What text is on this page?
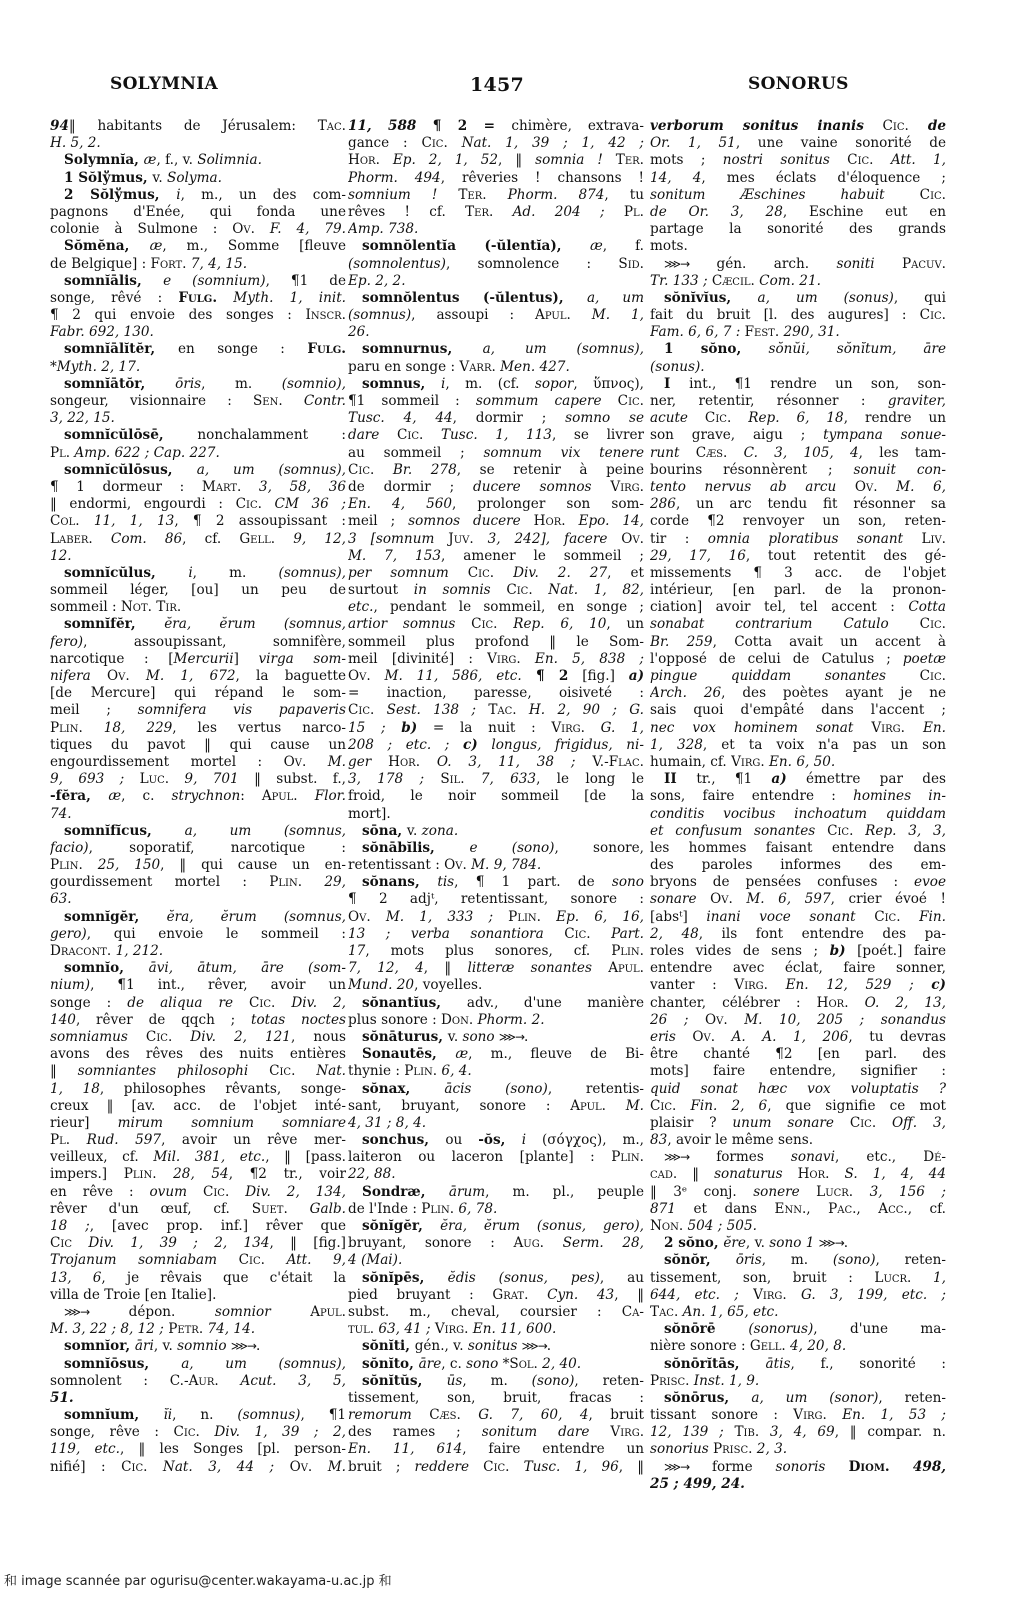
SOLYMNIA	1457	SONORUS
94‖ habitants de Jérusalem: Tac.
H. 5, 2.
Solymnĭa, æ, f., v. Solimnia.
1 Sŏlўmus, v. Solyma.
2 Sŏlўmus, i, m., un des com-
pagnons d'Enée, qui fonda une
colonie à Sulmone : Ov. F. 4, 79.
Sŏmĕna, æ, m., Somme [fleuve
de Belgique] : Fort. 7, 4, 15.
somnĭālis, e (somnium), ¶1 de
songe, rêvé : Fulg. Myth. 1, init.
¶ 2 qui envoie des songes : Inscr.
Fabr. 692, 130.
somnĭālĭtĕr, en songe : Fulg.
*Myth. 2, 17.
somnĭātŏr, ōris, m. (somnio),
songeur, visionnaire : Sen. Contr.
3, 22, 15.
somnĭcŭlōsē, nonchalamment :
Pl. Amp. 622 ; Cap. 227.
somnĭcŭlōsus, a, um (somnus),
¶ 1 dormeur : Mart. 3, 58, 36
‖ endormi, engourdi : Cic. CM 36 ;
Col. 11, 1, 13, ¶ 2 assoupissant :
Laber. Com. 86, cf. Gell. 9, 12,
12.
somnĭcŭlus, i, m. (somnus),
sommeil léger, [ou] un peu de
sommeil : Not. Tir.
somnĭfĕr, ĕra, ĕrum (somnus,
fero), assoupissant, somnifère,
narcotique : [Mercurii] virga som-
nifera Ov. M. 1, 672, la baguette
[de Mercure] qui répand le som-
meil ; somnifera vis papaveris
Plin. 18, 229, les vertus narco-
tiques du pavot ‖ qui cause un
engourdissement mortel : Ov. M.
9, 693 ; Luc. 9, 701 ‖ subst. f.,
-fĕra, æ, c. strychnon: Apul. Flor.
74.
somnĭfĭcus, a, um (somnus,
facio), soporatif, narcotique :
Plin. 25, 150, ‖ qui cause un en-
gourdissement mortel : Plin. 29,
63.
somnĭgĕr, ĕra, ĕrum (somnus,
gero), qui envoie le sommeil :
Dracont. 1, 212.
somnĭo, āvi, ātum, āre (som-
nium), ¶1 int., rêver, avoir un
songe : de aliqua re Cic. Div. 2,
140, rêver de qqch ; totas noctes
somniamus Cic. Div. 2, 121, nous
avons des rêves des nuits entières
‖ somniantes philosophi Cic. Nat.
1, 18, philosophes rêvants, songe-
creux ‖ [av. acc. de l'objet inté-
rieur] mirum somnium somniare
Pl. Rud. 597, avoir un rêve mer-
veilleux, cf. Mil. 381, etc., ‖ [pass.
impers.] Plin. 28, 54, ¶2 tr., voir
en rêve : ovum Cic. Div. 2, 134,
rêver d'un œuf, cf. Suet. Galb.
18 ;, [avec prop. inf.] rêver que
Cic Div. 1, 39 ; 2, 134, ‖ [fig.]
Trojanum somniabam Cic. Att. 9,
13, 6, je rêvais que c'était la
villa de Troie [en Italie].
⋙→ dépon. somnior Apul.
M. 3, 22 ; 8, 12 ; Petr. 74, 14.
somnĭor, āri, v. somnio ⋙→.
somnĭōsus, a, um (somnus),
somnolent : C.-Aur. Acut. 3, 5,
51.
somnĭum, ĭi, n. (somnus), ¶1
songe, rêve : Cic. Div. 1, 39 ; 2,
119, etc., ‖ les Songes [pl. person-
nifié] : Cic. Nat. 3, 44 ; Ov. M.
11, 588 ¶ 2 = chimère, extrava-
gance : Cic. Nat. 1, 39 ; 1, 42 ;
Hor. Ep. 2, 1, 52, ‖ somnia ! Ter.
Phorm. 494, rêveries ! chansons !
somnium ! Ter. Phorm. 874, tu
rêves ! cf. Ter. Ad. 204 ; Pl.
Amp. 738.
somnŏlentĭa (-ŭlentĭa), æ, f.
(somnolentus), somnolence : Sid.
Ep. 2, 2.
somnŏlentus (-ŭlentus), a, um
(somnus), assoupi : Apul. M. 1,
26.
somnurnus, a, um (somnus),
paru en songe : Varr. Men. 427.
somnus, i, m. (cf. sopor, ὕπνος),
¶1 sommeil : sommum capere Cic.
Tusc. 4, 44, dormir ; somno se
dare Cic. Tusc. 1, 113, se livrer
au sommeil ; somnum vix tenere
Cic. Br. 278, se retenir à peine
de dormir ; ducere somnos Virg.
En. 4, 560, prolonger son som-
meil ; somnos ducere Hor. Epo. 14,
3 [somnum Juv. 3, 242], facere Ov.
M. 7, 153, amener le sommeil ;
per somnum Cic. Div. 2. 27, et
surtout in somnis Cic. Nat. 1, 82,
etc., pendant le sommeil, en songe ;
artior somnus Cic. Rep. 6, 10, un
sommeil plus profond ‖ le Som-
meil [divinité] : Virg. En. 5, 838 ;
Ov. M. 11, 586, etc. ¶ 2 [fig.] a)
= inaction, paresse, oisiveté :
Cic. Sest. 138 ; Tac. H. 2, 90 ; G.
15 ; b) = la nuit : Virg. G. 1,
208 ; etc. ; c) longus, frigidus, ni-
ger Hor. O. 3, 11, 38 ; V.-Flac.
3, 178 ; Sil. 7, 633, le long le
froid, le noir sommeil [de la
mort].
sōna, v. zona.
sŏnābĭlis, e (sono), sonore,
retentissant : Ov. M. 9, 784.
sŏnans, tis, ¶ 1 part. de sono
¶ 2 adjᵗ, retentissant, sonore :
Ov. M. 1, 333 ; Plin. Ep. 6, 16,
13 ; verba sonantiora Cic. Part.
17, mots plus sonores, cf. Plin.
7, 12, 4, ‖ litteræ sonantes Apul.
Mund. 20, voyelles.
sŏnantĭus, adv., d'une manière
plus sonore : Don. Phorm. 2.
sŏnāturus, v. sono ⋙→.
Sonautēs, æ, m., fleuve de Bi-
thynie : Plin. 6, 4.
sŏnax, ācis (sono), retentis-
sant, bruyant, sonore : Apul. M.
4, 31 ; 8, 4.
sonchus, ou -ŏs, i (σόγχος), m.,
laiteron ou laceron [plante] : Plin.
22, 88.
Sondræ, ārum, m. pl., peuple
de l'Inde : Plin. 6, 78.
sŏnĭgĕr, ĕra, ĕrum (sonus, gero),
bruyant, sonore : Aug. Serm. 28,
4 (Mai).
sŏnĭpēs, ĕdis (sonus, pes), au
pied bruyant : Grat. Cyn. 43, ‖
subst. m., cheval, coursier : Ca-
tul. 63, 41 ; Virg. En. 11, 600.
sŏnĭti, gén., v. sonitus ⋙→.
sŏnĭto, āre, c. sono *Sol. 2, 40.
sŏnĭtŭs, ūs, m. (sono), reten-
tissement, son, bruit, fracas :
remorum Cæs. G. 7, 60, 4, bruit
des rames ; sonitum dare Virg.
En. 11, 614, faire entendre un
bruit ; reddere Cic. Tusc. 1, 96, ‖
verborum sonitus inanis Cic. de
Or. 1, 51, une vaine sonorité de
mots ; nostri sonitus Cic. Att. 1,
14, 4, mes éclats d'éloquence ;
sonitum Æschines habuit Cic.
de Or. 3, 28, Eschine eut en
partage la sonorité des grands
mots.
⋙→ gén. arch. soniti Pacuv.
Tr. 133 ; Cæcil. Com. 21.
sŏnĭvĭus, a, um (sonus), qui
fait du bruit [l. des augures] : Cic.
Fam. 6, 6, 7 : Fest. 290, 31.
1 sŏno, sŏnŭi, sŏnĭtum, āre
(sonus).
I int., ¶1 rendre un son, son-
ner, retentir, résonner : graviter,
acute Cic. Rep. 6, 18, rendre un
son grave, aigu ; tympana sonue-
runt Cæs. C. 3, 105, 4, les tam-
bourins résonnèrent ; sonuit con-
tento nervus ab arcu Ov. M. 6,
286, un arc tendu fit résonner sa
corde ¶2 renvoyer un son, reten-
tir : omnia ploratibus sonant Liv.
29, 17, 16, tout retentit des gé-
missements ¶ 3 acc. de l'objet
intérieur, [en parl. de la pronon-
ciation] avoir tel, tel accent : Cotta
sonabat contrarium Catulo Cic.
Br. 259, Cotta avait un accent à
l'opposé de celui de Catulus ; poetæ
pingue quiddam sonantes Cic.
Arch. 26, des poètes ayant je ne
sais quoi d'empâté dans l'accent ;
nec vox hominem sonat Virg. En.
1, 328, et ta voix n'a pas un son
humain, cf. Virg. En. 6, 50.
II tr., ¶1 a) émettre par des
sons, faire entendre : homines in-
conditis vocibus inchoatum quiddam
et confusum sonantes Cic. Rep. 3, 3,
les hommes faisant entendre dans
des paroles informes des em-
bryons de pensées confuses : evoe
sonare Ov. M. 6, 597, crier évoé !
[absᵗ] inani voce sonant Cic. Fin.
2, 48, ils font entendre des pa-
roles vides de sens ; b) [poét.] faire
entendre avec éclat, faire sonner,
vanter : Virg. En. 12, 529 ; c)
chanter, célébrer : Hor. O. 2, 13,
26 ; Ov. M. 10, 205 ; sonandus
eris Ov. A. A. 1, 206, tu devras
être chanté ¶2 [en parl. des
mots] faire entendre, signifier :
quid sonat hæc vox voluptatis ?
Cic. Fin. 2, 6, que signifie ce mot
plaisir ? unum sonare Cic. Off. 3,
83, avoir le même sens.
⋙→ formes sonavi, etc., Dé-
cad. ‖ sonaturus Hor. S. 1, 4, 44
‖ 3ᵉ conj. sonere Lucr. 3, 156 ;
871 et dans Enn., Pac., Acc., cf.
Non. 504 ; 505.
2 sŏno, ĕre, v. sono 1 ⋙→.
sŏnŏr, ōris, m. (sono), reten-
tissement, son, bruit : Lucr. 1,
644, etc. ; Virg. G. 3, 199, etc. ;
Tac. An. 1, 65, etc.
sŏnōrē (sonorus), d'une ma-
nière sonore : Gell. 4, 20, 8.
sŏnōrĭtās, ātis, f., sonorité :
Prisc. Inst. 1, 9.
sŏnōrus, a, um (sonor), reten-
tissant sonore : Virg. En. 1, 53 ;
12, 139 ; Tib. 3, 4, 69, ‖ compar. n.
sonorius Prisc. 2, 3.
⋙→ forme sonoris Diom. 498,
25 ; 499, 24.
和 image scannée par ogurisu@center.wakayama-u.ac.jp 和
